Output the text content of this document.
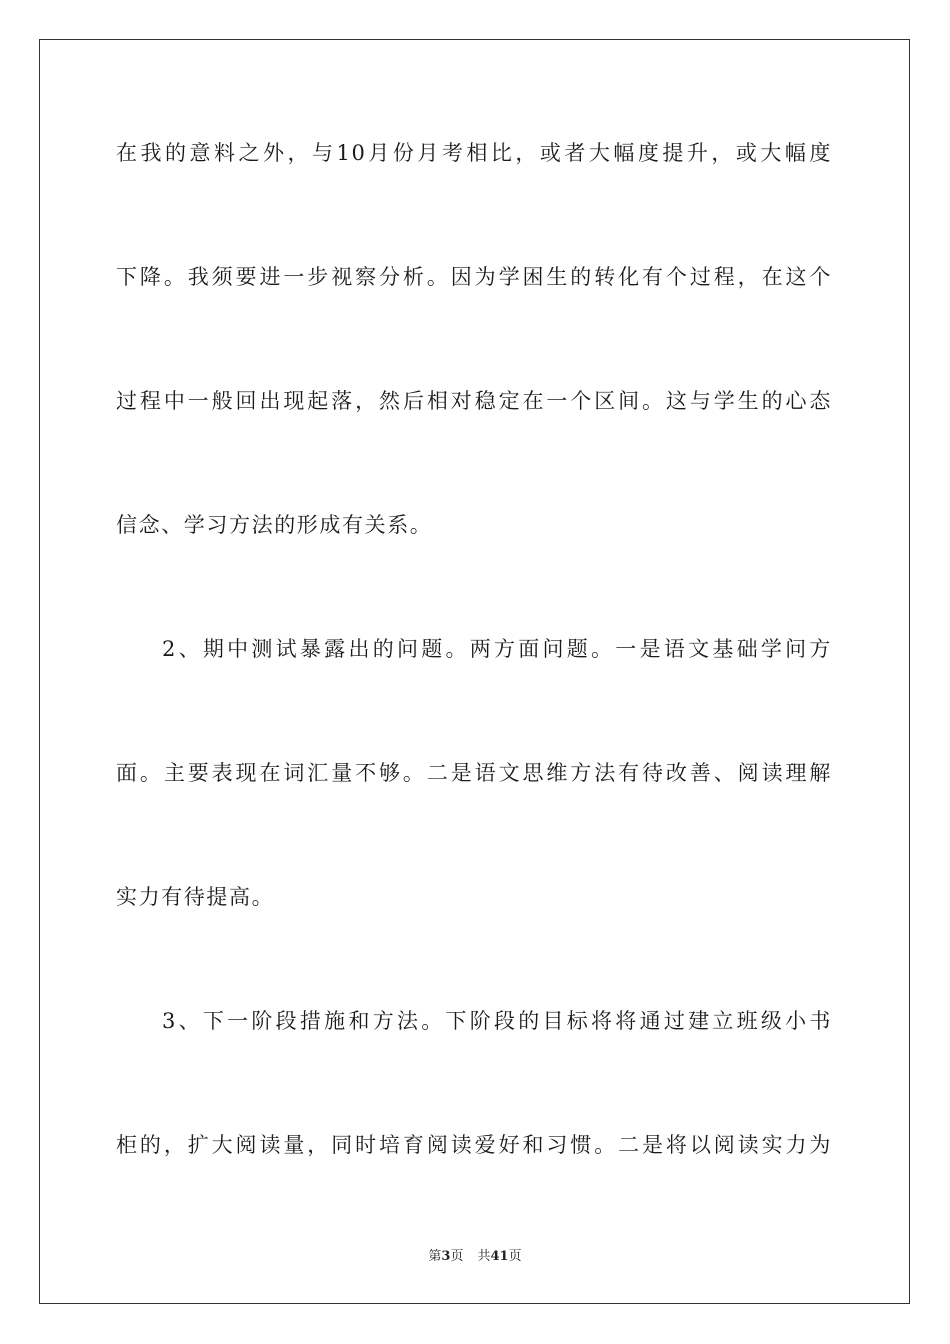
在我的意料之外，与10月份月考相比，或者大幅度提升，或大幅度
下降。我须要进一步视察分析。因为学困生的转化有个过程，在这个
过程中一般回出现起落，然后相对稳定在一个区间。这与学生的心态
信念、学习方法的形成有关系。
2、期中测试暴露出的问题。两方面问题。一是语文基础学问方
面。主要表现在词汇量不够。二是语文思维方法有待改善、阅读理解
实力有待提高。
3、下一阶段措施和方法。下阶段的目标将将通过建立班级小书
柜的，扩大阅读量，同时培育阅读爱好和习惯。二是将以阅读实力为
第3页 共41页
